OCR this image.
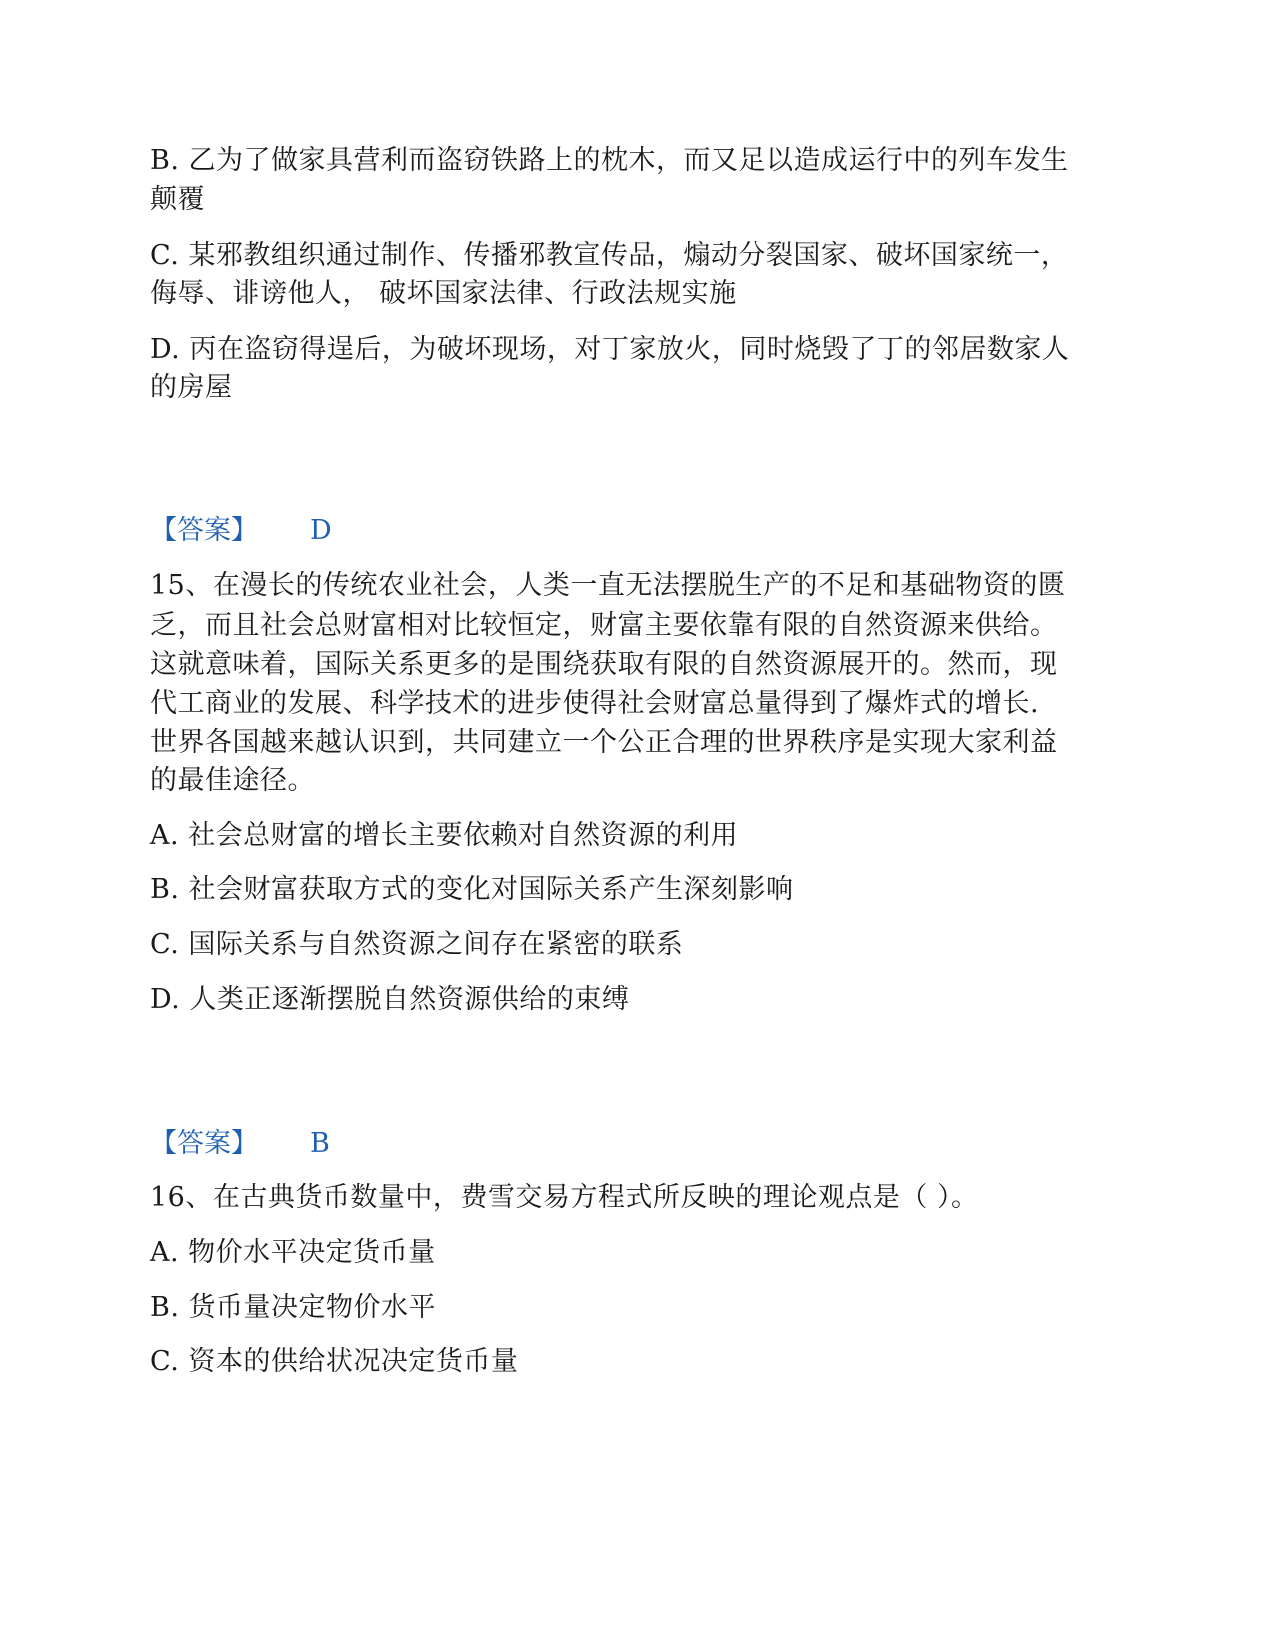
B. 乙为了做家具营利而盗窃铁路上的枕木，而又足以造成运行中的列车发生
颠覆
C. 某邪教组织通过制作、传播邪教宣传品，煽动分裂国家、破坏国家统一，
侮辱、诽谤他人， 破坏国家法律、行政法规实施
D. 丙在盗窃得逞后，为破坏现场，对丁家放火，同时烧毁了丁的邻居数家人
的房屋
【答案】 D
15、在漫长的传统农业社会，人类一直无法摆脱生产的不足和基础物资的匮
乏，而且社会总财富相对比较恒定，财富主要依靠有限的自然资源来供给。
这就意味着，国际关系更多的是围绕获取有限的自然资源展开的。然而，现
代工商业的发展、科学技术的进步使得社会财富总量得到了爆炸式的增长.
世界各国越来越认识到，共同建立一个公正合理的世界秩序是实现大家利益
的最佳途径。
A. 社会总财富的增长主要依赖对自然资源的利用
B. 社会财富获取方式的变化对国际关系产生深刻影响
C. 国际关系与自然资源之间存在紧密的联系
D. 人类正逐渐摆脱自然资源供给的束缚
【答案】 B
16、在古典货币数量中，费雪交易方程式所反映的理论观点是（ ）。
A. 物价水平决定货币量
B. 货币量决定物价水平
C. 资本的供给状况决定货币量
